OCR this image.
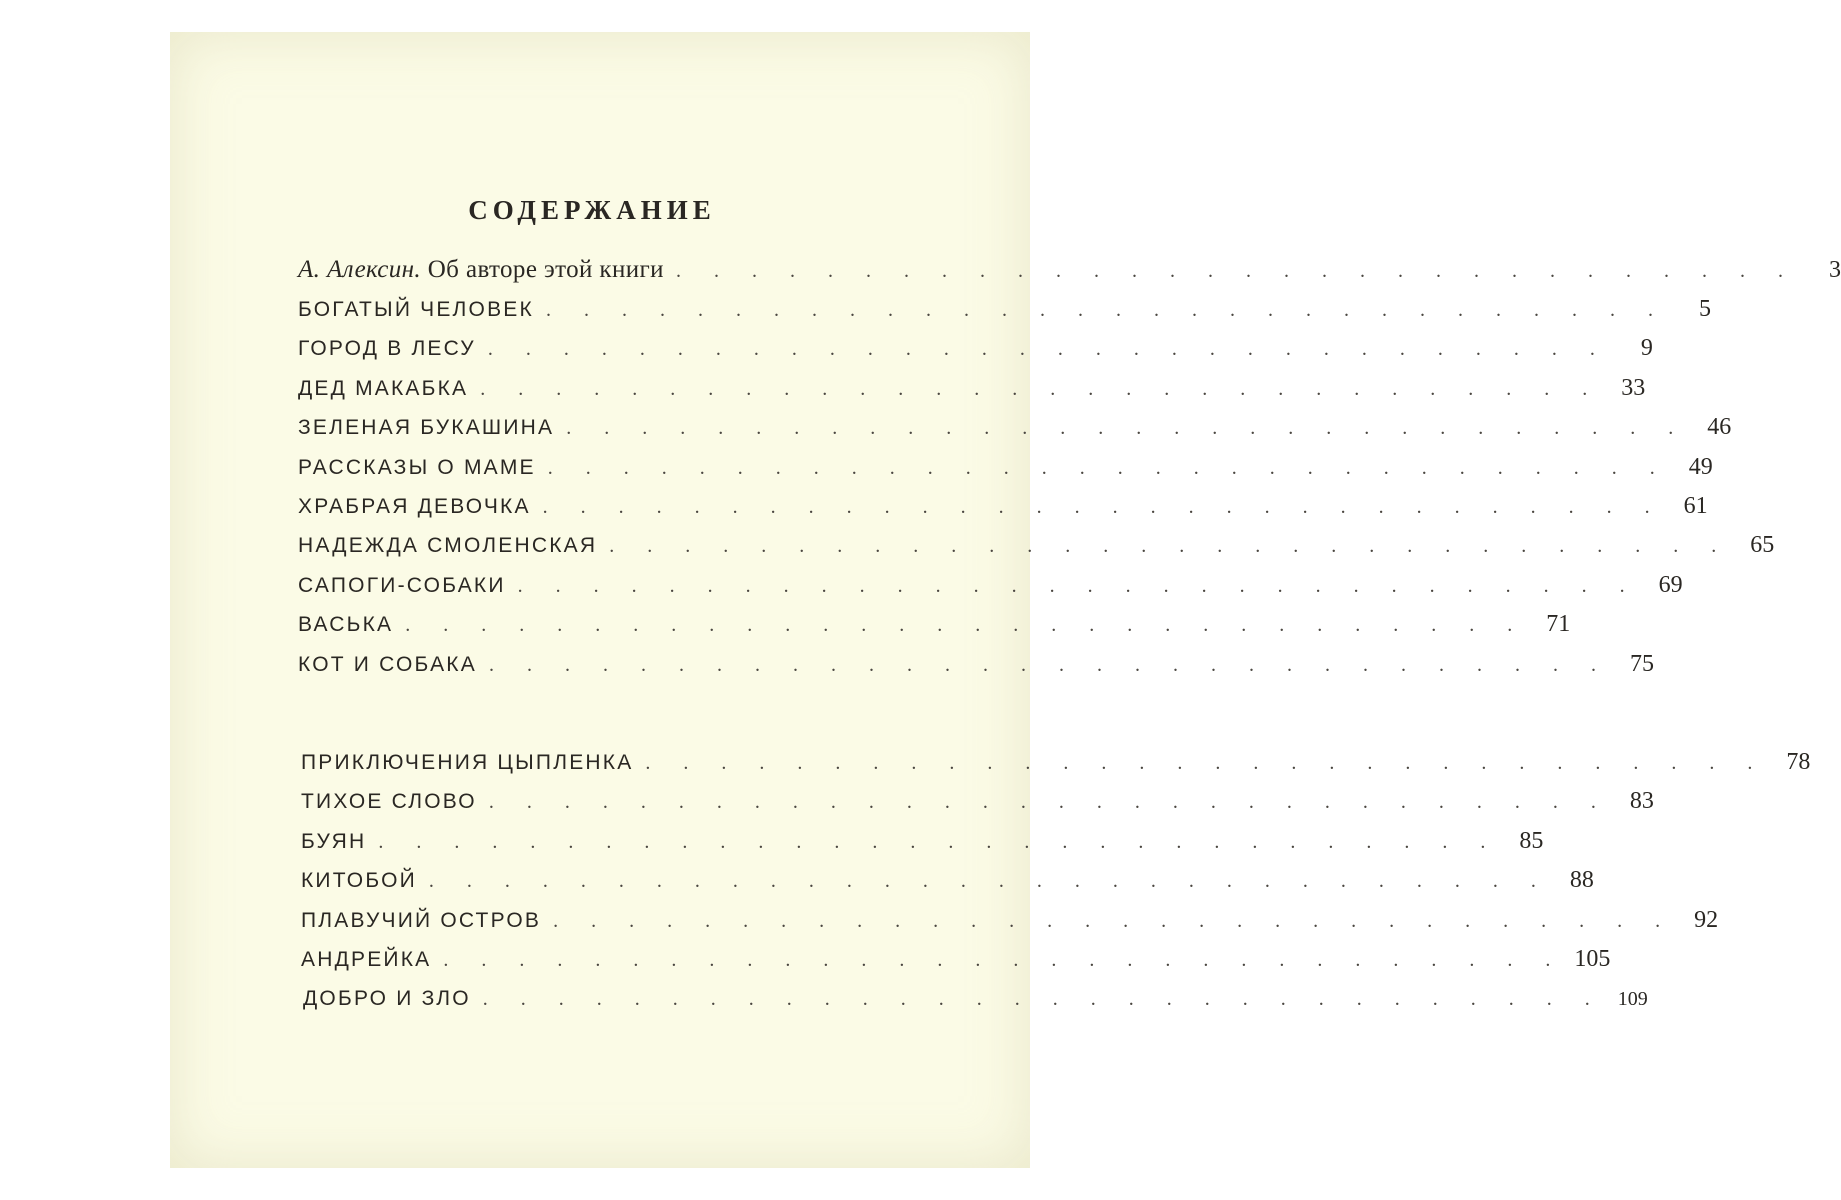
СОДЕРЖАНИЕ
А. Алексин. Об авторе этой книги . . . . . . . . . . . . . . . . . . . . . . . . . . . . . .	3
БОГАТЫЙ ЧЕЛОВЕК . . . . . . . . . . . . . . . . . . . . . . . . . . . . . .	5
ГОРОД В ЛЕСУ . . . . . . . . . . . . . . . . . . . . . . . . . . . . . .	9
ДЕД МАКАБКА . . . . . . . . . . . . . . . . . . . . . . . . . . . . . . 33
ЗЕЛЕНАЯ БУКАШИНА . . . . . . . . . . . . . . . . . . . . . . . . . . . . . . 46
РАССКАЗЫ О МАМЕ . . . . . . . . . . . . . . . . . . . . . . . . . . . . . . 49
ХРАБРАЯ ДЕВОЧКА . . . . . . . . . . . . . . . . . . . . . . . . . . . . . . 61
НАДЕЖДА СМОЛЕНСКАЯ . . . . . . . . . . . . . . . . . . . . . . . . . . . . . . 65
САПОГИ-СОБАКИ . . . . . . . . . . . . . . . . . . . . . . . . . . . . . . 69
ВАСЬКА . . . . . . . . . . . . . . . . . . . . . . . . . . . . . . 71
КОТ И СОБАКА . . . . . . . . . . . . . . . . . . . . . . . . . . . . . . 75
ПРИКЛЮЧЕНИЯ ЦЫПЛЕНКА . . . . . . . . . . . . . . . . . . . . . . . . . . . . . . 78
ТИХОЕ СЛОВО . . . . . . . . . . . . . . . . . . . . . . . . . . . . . . 83
БУЯН . . . . . . . . . . . . . . . . . . . . . . . . . . . . . . 85
КИТОБОЙ . . . . . . . . . . . . . . . . . . . . . . . . . . . . . . 88
ПЛАВУЧИЙ ОСТРОВ . . . . . . . . . . . . . . . . . . . . . . . . . . . . . . 92
АНДРЕЙКА . . . . . . . . . . . . . . . . . . . . . . . . . . . . . . 105
ДОБРО И ЗЛО . . . . . . . . . . . . . . . . . . . . . . . . . . . . . . 109
